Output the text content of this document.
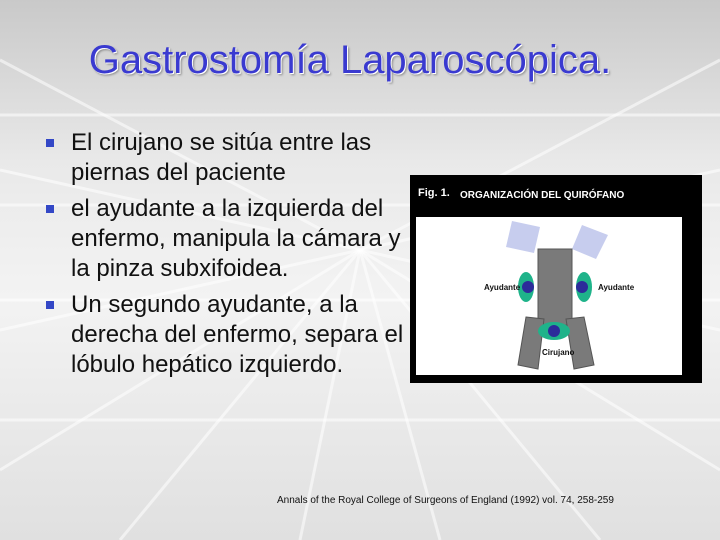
Gastrostomía Laparoscópica.
El cirujano se sitúa entre las piernas del paciente
el ayudante a la izquierda del enfermo, manipula la cámara y la pinza subxifoidea.
Un segundo ayudante, a la derecha del enfermo, separa el lóbulo hepático izquierdo.
Fig. 1. ORGANIZACIÓN DEL QUIRÓFANO
Ayudante	Ayudante
Cirujano
Annals of the Royal College of Surgeons of England (1992) vol. 74, 258-259
